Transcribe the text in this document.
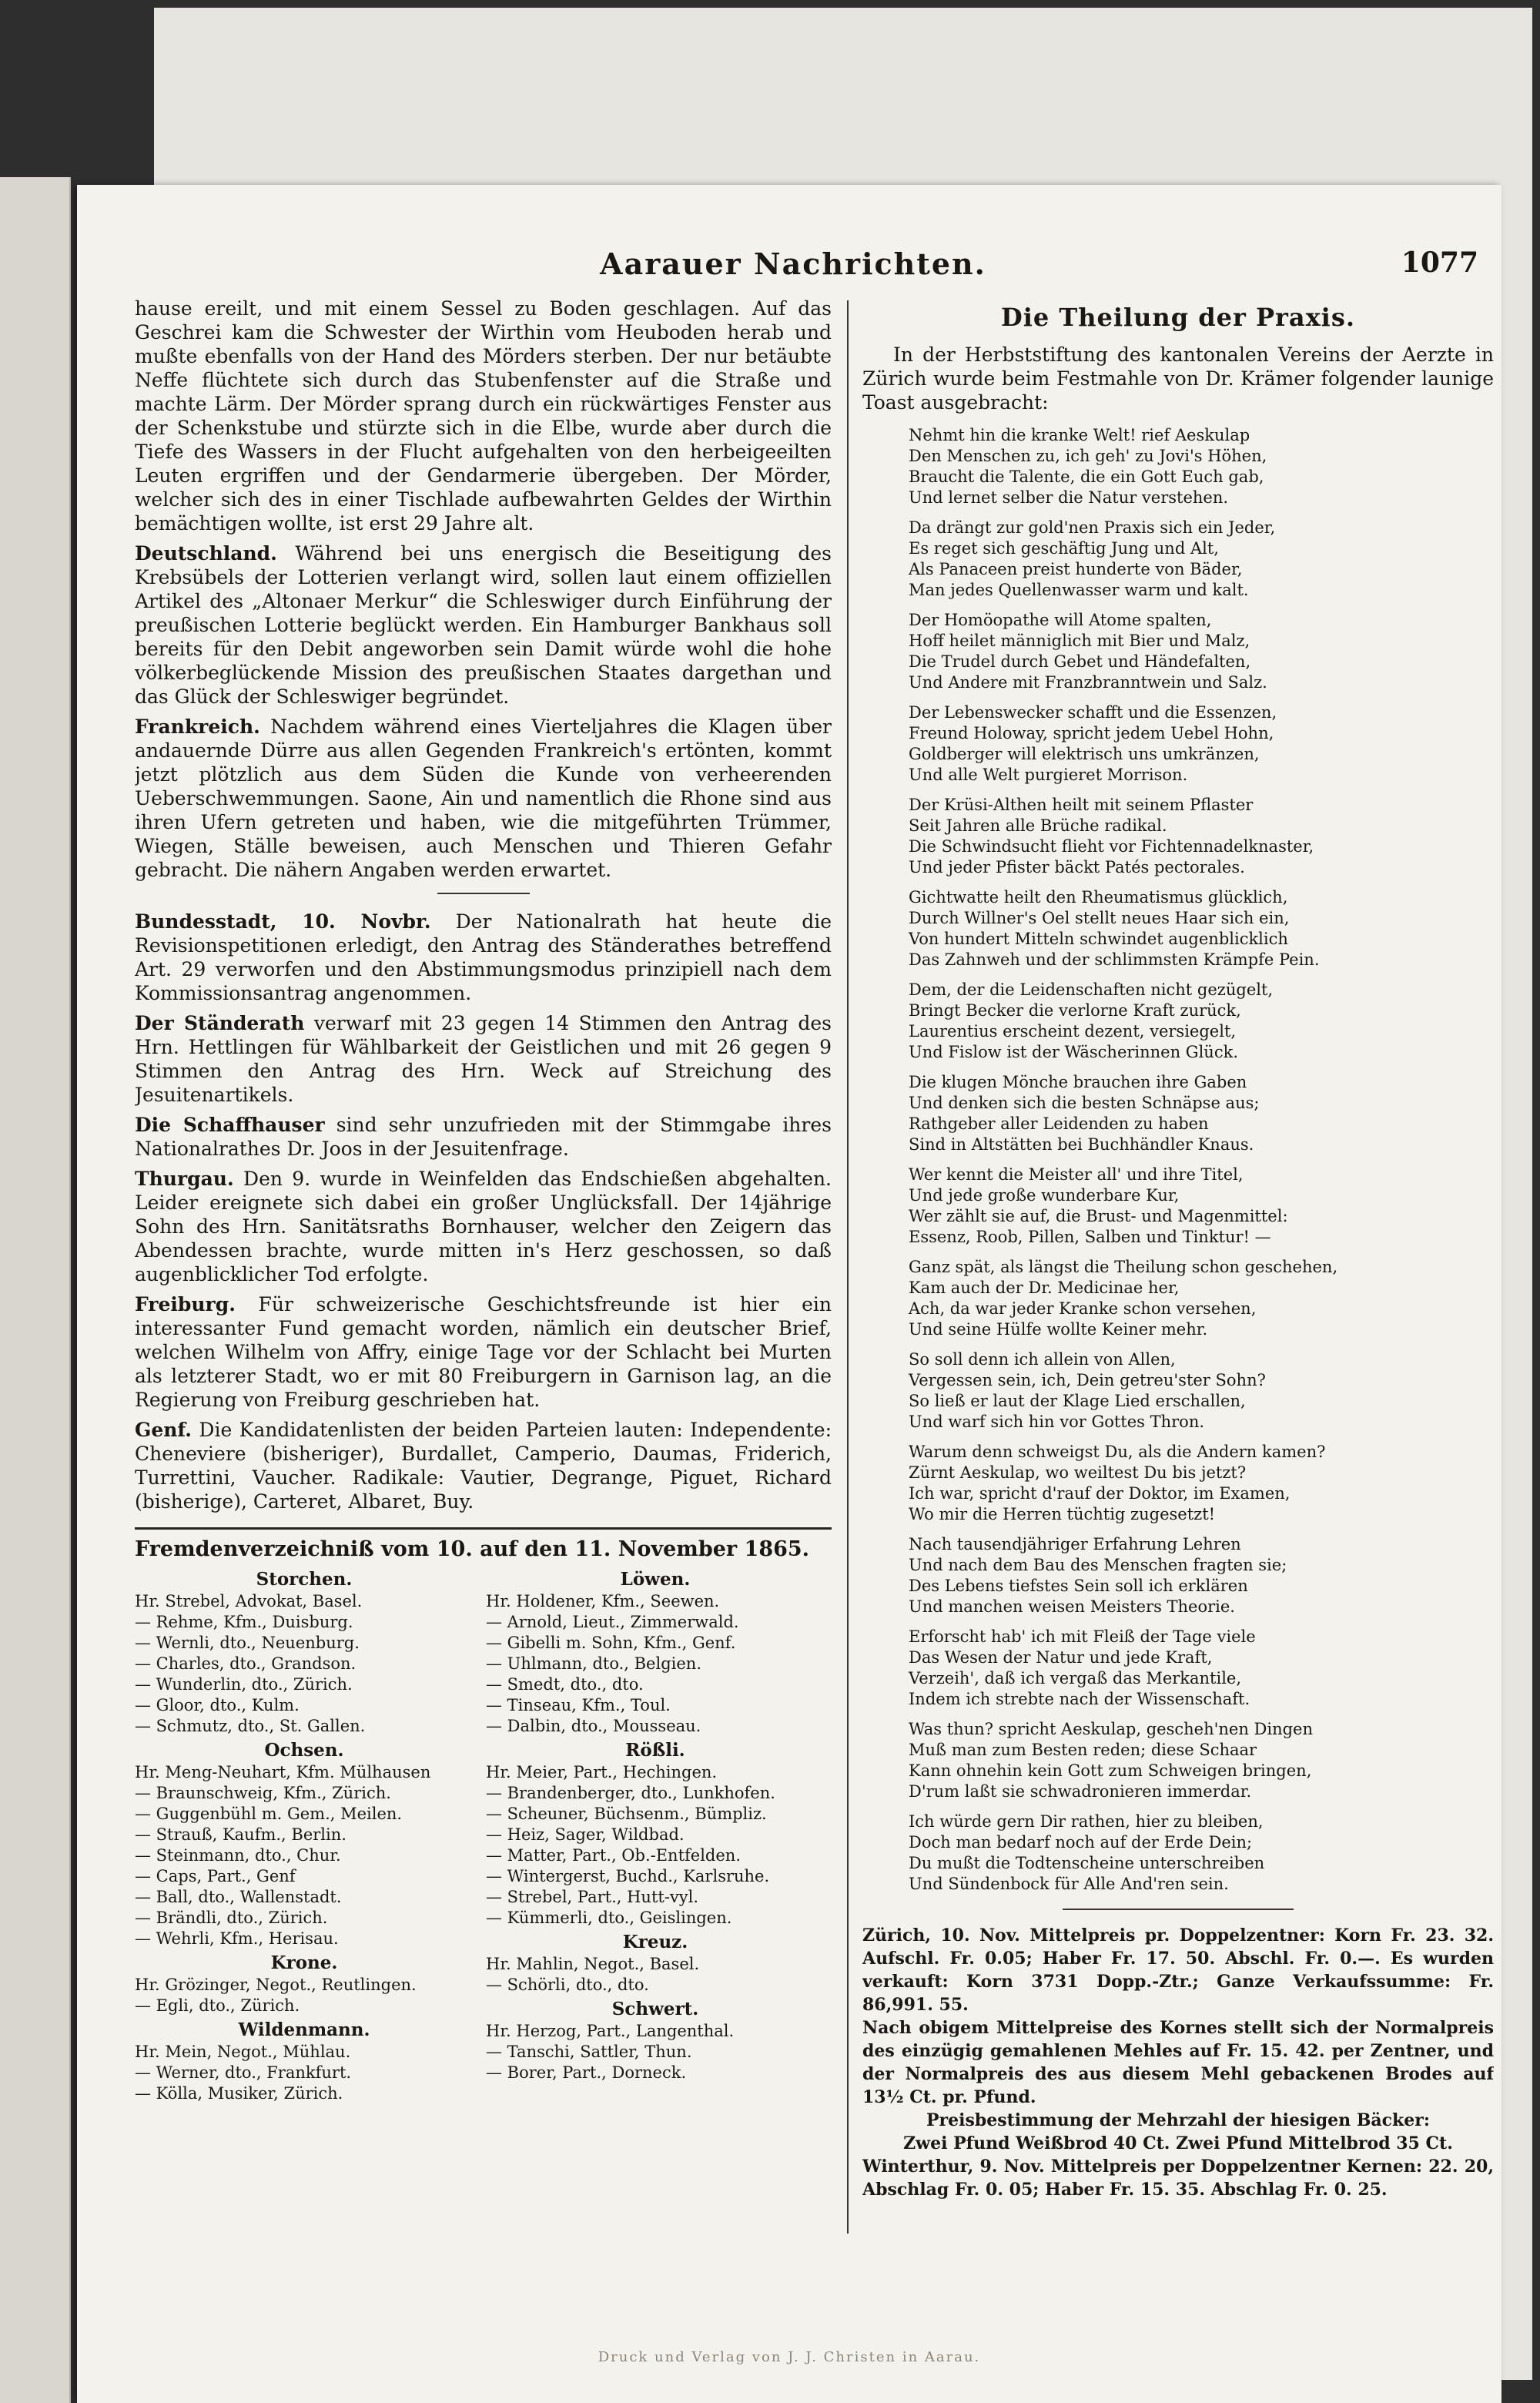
Aarauer Nachrichten.	1077

hause ereilt, und mit einem Sessel zu Boden geschlagen. Auf das Geschrei kam die Schwester der Wirthin vom Heuboden herab und mußte ebenfalls von der Hand des Mörders sterben. Der nur betäubte Neffe flüchtete sich durch das Stubenfenster auf die Straße und machte Lärm. Der Mörder sprang durch ein rückwärtiges Fenster aus der Schenkstube und stürzte sich in die Elbe, wurde aber durch die Tiefe des Wassers in der Flucht aufgehalten von den herbeigeeilten Leuten ergriffen und der Gendarmerie übergeben. Der Mörder, welcher sich des in einer Tischlade aufbewahrten Geldes der Wirthin bemächtigen wollte, ist erst 29 Jahre alt.

Deutschland. Während bei uns energisch die Beseitigung des Krebsübels der Lotterien verlangt wird, sollen laut einem offiziellen Artikel des „Altonaer Merkur“ die Schleswiger durch Einführung der preußischen Lotterie beglückt werden. Ein Hamburger Bankhaus soll bereits für den Debit angeworben sein Damit würde wohl die hohe völkerbeglückende Mission des preußischen Staates dargethan und das Glück der Schleswiger begründet.

Frankreich. Nachdem während eines Vierteljahres die Klagen über andauernde Dürre aus allen Gegenden Frankreich's ertönten, kommt jetzt plötzlich aus dem Süden die Kunde von verheerenden Ueberschwemmungen. Saone, Ain und namentlich die Rhone sind aus ihren Ufern getreten und haben, wie die mitgeführten Trümmer, Wiegen, Ställe beweisen, auch Menschen und Thieren Gefahr gebracht. Die nähern Angaben werden erwartet.

Bundesstadt, 10. Novbr. Der Nationalrath hat heute die Revisionspetitionen erledigt, den Antrag des Ständerathes betreffend Art. 29 verworfen und den Abstimmungsmodus prinzipiell nach dem Kommissionsantrag angenommen.

Der Ständerath verwarf mit 23 gegen 14 Stimmen den Antrag des Hrn. Hettlingen für Wählbarkeit der Geistlichen und mit 26 gegen 9 Stimmen den Antrag des Hrn. Weck auf Streichung des Jesuitenartikels.

Die Schaffhauser sind sehr unzufrieden mit der Stimmgabe ihres Nationalrathes Dr. Joos in der Jesuitenfrage.

Thurgau. Den 9. wurde in Weinfelden das Endschießen abgehalten. Leider ereignete sich dabei ein großer Unglücksfall. Der 14jährige Sohn des Hrn. Sanitätsraths Bornhauser, welcher den Zeigern das Abendessen brachte, wurde mitten in's Herz geschossen, so daß augenblicklicher Tod erfolgte.

Freiburg. Für schweizerische Geschichtsfreunde ist hier ein interessanter Fund gemacht worden, nämlich ein deutscher Brief, welchen Wilhelm von Affry, einige Tage vor der Schlacht bei Murten als letzterer Stadt, wo er mit 80 Freiburgern in Garnison lag, an die Regierung von Freiburg geschrieben hat.

Genf. Die Kandidatenlisten der beiden Parteien lauten: Independente: Cheneviere (bisheriger), Burdallet, Camperio, Daumas, Friderich, Turrettini, Vaucher. Radikale: Vautier, Degrange, Piguet, Richard (bisherige), Carteret, Albaret, Buy.

Fremdenverzeichniß vom 10. auf den 11. November 1865.
Storchen.
Hr. Strebel, Advokat, Basel.
— Rehme, Kfm., Duisburg.
— Wernli, dto., Neuenburg.
— Charles, dto., Grandson.
— Wunderlin, dto., Zürich.
— Gloor, dto., Kulm.
— Schmutz, dto., St. Gallen.
Ochsen.
Hr. Meng-Neuhart, Kfm. Mülhausen
— Braunschweig, Kfm., Zürich.
— Guggenbühl m. Gem., Meilen.
— Strauß, Kaufm., Berlin.
— Steinmann, dto., Chur.
— Caps, Part., Genf
— Ball, dto., Wallenstadt.
— Brändli, dto., Zürich.
— Wehrli, Kfm., Herisau.
Krone.
Hr. Grözinger, Negot., Reutlingen.
— Egli, dto., Zürich.
Wildenmann.
Hr. Mein, Negot., Mühlau.
— Werner, dto., Frankfurt.
— Kölla, Musiker, Zürich.
Löwen.
Hr. Holdener, Kfm., Seewen.
— Arnold, Lieut., Zimmerwald.
— Gibelli m. Sohn, Kfm., Genf.
— Uhlmann, dto., Belgien.
— Smedt, dto., dto.
— Tinseau, Kfm., Toul.
— Dalbin, dto., Mousseau.
Rößli.
Hr. Meier, Part., Hechingen.
— Brandenberger, dto., Lunkhofen.
— Scheuner, Büchsenm., Bümpliz.
— Heiz, Sager, Wildbad.
— Matter, Part., Ob.-Entfelden.
— Wintergerst, Buchd., Karlsruhe.
— Strebel, Part., Hutt-vyl.
— Kümmerli, dto., Geislingen.
Kreuz.
Hr. Mahlin, Negot., Basel.
— Schörli, dto., dto.
Schwert.
Hr. Herzog, Part., Langenthal.
— Tanschi, Sattler, Thun.
— Borer, Part., Dorneck.
Die Theilung der Praxis.
In der Herbststiftung des kantonalen Vereins der Aerzte in Zürich wurde beim Festmahle von Dr. Krämer folgender launige Toast ausgebracht:
Nehmt hin die kranke Welt! rief Aeskulap
Den Menschen zu, ich geh' zu Jovi's Höhen,
Braucht die Talente, die ein Gott Euch gab,
Und lernet selber die Natur verstehen.
Da drängt zur gold'nen Praxis sich ein Jeder,
Es reget sich geschäftig Jung und Alt,
Als Panaceen preist hunderte von Bäder,
Man jedes Quellenwasser warm und kalt.
Der Homöopathe will Atome spalten,
Hoff heilet männiglich mit Bier und Malz,
Die Trudel durch Gebet und Händefalten,
Und Andere mit Franzbranntwein und Salz.
Der Lebenswecker schafft und die Essenzen,
Freund Holoway, spricht jedem Uebel Hohn,
Goldberger will elektrisch uns umkränzen,
Und alle Welt purgieret Morrison.
Der Krüsi-Althen heilt mit seinem Pflaster
Seit Jahren alle Brüche radikal.
Die Schwindsucht flieht vor Fichtennadelknaster,
Und jeder Pfister bäckt Patés pectorales.
Gichtwatte heilt den Rheumatismus glücklich,
Durch Willner's Oel stellt neues Haar sich ein,
Von hundert Mitteln schwindet augenblicklich
Das Zahnweh und der schlimmsten Krämpfe Pein.
Dem, der die Leidenschaften nicht gezügelt,
Bringt Becker die verlorne Kraft zurück,
Laurentius erscheint dezent, versiegelt,
Und Fislow ist der Wäscherinnen Glück.
Die klugen Mönche brauchen ihre Gaben
Und denken sich die besten Schnäpse aus;
Rathgeber aller Leidenden zu haben
Sind in Altstätten bei Buchhändler Knaus.
Wer kennt die Meister all' und ihre Titel,
Und jede große wunderbare Kur,
Wer zählt sie auf, die Brust- und Magenmittel:
Essenz, Roob, Pillen, Salben und Tinktur! —
Ganz spät, als längst die Theilung schon geschehen,
Kam auch der Dr. Medicinae her,
Ach, da war jeder Kranke schon versehen,
Und seine Hülfe wollte Keiner mehr.
So soll denn ich allein von Allen,
Vergessen sein, ich, Dein getreu'ster Sohn?
So ließ er laut der Klage Lied erschallen,
Und warf sich hin vor Gottes Thron.
Warum denn schweigst Du, als die Andern kamen?
Zürnt Aeskulap, wo weiltest Du bis jetzt?
Ich war, spricht d'rauf der Doktor, im Examen,
Wo mir die Herren tüchtig zugesetzt!
Nach tausendjähriger Erfahrung Lehren
Und nach dem Bau des Menschen fragten sie;
Des Lebens tiefstes Sein soll ich erklären
Und manchen weisen Meisters Theorie.
Erforscht hab' ich mit Fleiß der Tage viele
Das Wesen der Natur und jede Kraft,
Verzeih', daß ich vergaß das Merkantile,
Indem ich strebte nach der Wissenschaft.
Was thun? spricht Aeskulap, gescheh'nen Dingen
Muß man zum Besten reden; diese Schaar
Kann ohnehin kein Gott zum Schweigen bringen,
D'rum laßt sie schwadronieren immerdar.
Ich würde gern Dir rathen, hier zu bleiben,
Doch man bedarf noch auf der Erde Dein;
Du mußt die Todtenscheine unterschreiben
Und Sündenbock für Alle And'ren sein.

Zürich, 10. Nov. Mittelpreis pr. Doppelzentner: Korn Fr. 23. 32. Aufschl. Fr. 0.05; Haber Fr. 17. 50. Abschl. Fr. 0.—. Es wurden verkauft: Korn 3731 Dopp.-Ztr.; Ganze Verkaufssumme: Fr. 86,991. 55.

Nach obigem Mittelpreise des Kornes stellt sich der Normalpreis des einzügig gemahlenen Mehles auf Fr. 15. 42. per Zentner, und der Normalpreis des aus diesem Mehl gebackenen Brodes auf 13½ Ct. pr. Pfund.

Preisbestimmung der Mehrzahl der hiesigen Bäcker:

Zwei Pfund Weißbrod 40 Ct. Zwei Pfund Mittelbrod 35 Ct.

Winterthur, 9. Nov. Mittelpreis per Doppelzentner Kernen: 22. 20, Abschlag Fr. 0. 05; Haber Fr. 15. 35. Abschlag Fr. 0. 25.

Druck und Verlag von J. J. Christen in Aarau.
